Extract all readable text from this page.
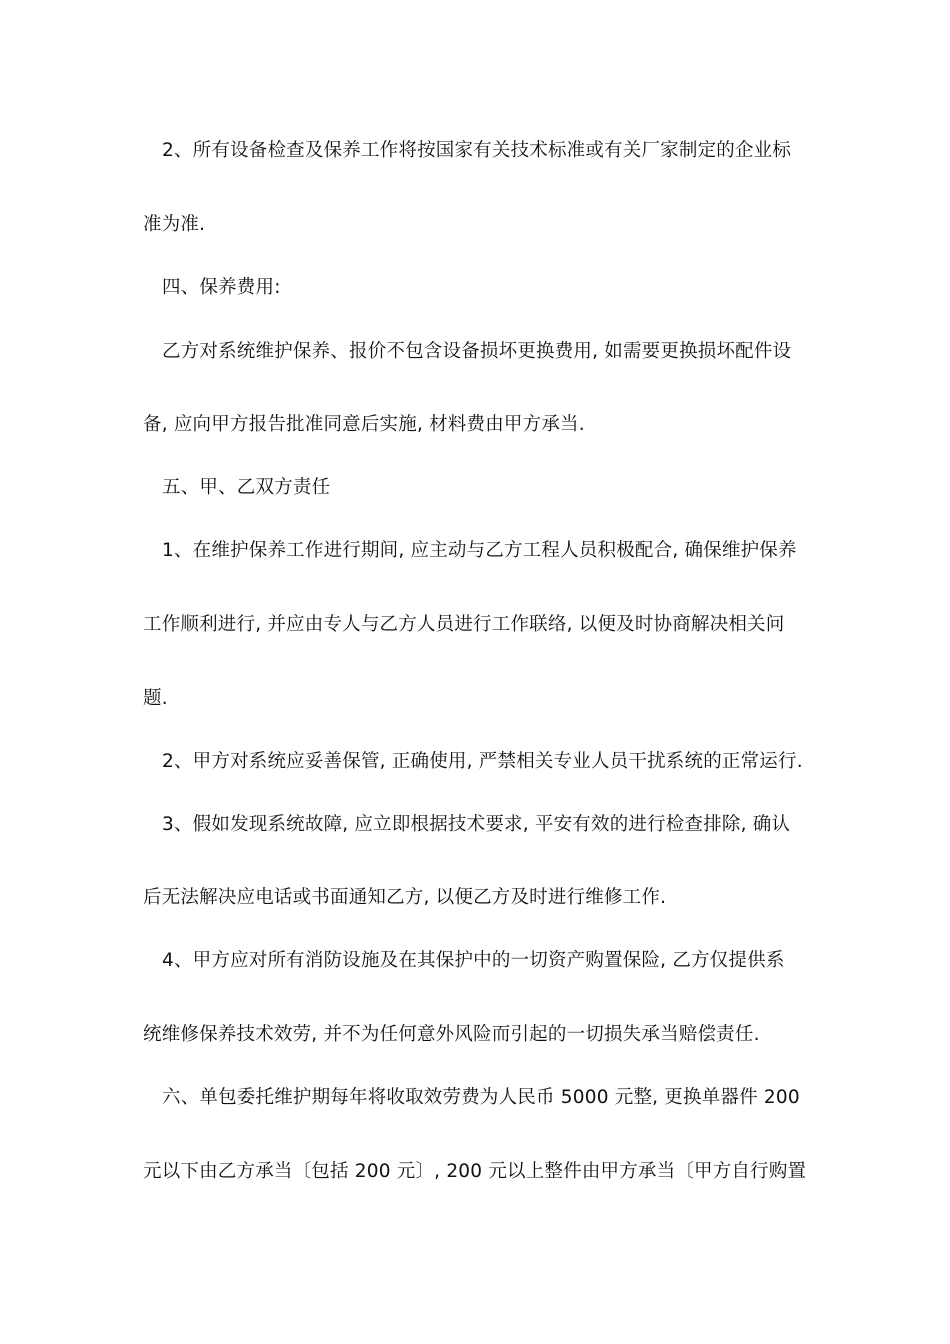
2、所有设备检查及保养工作将按国家有关技术标准或有关厂家制定的企业标
准为准.
四、保养费用:
乙方对系统维护保养、报价不包含设备损坏更换费用, 如需要更换损坏配件设
备, 应向甲方报告批准同意后实施, 材料费由甲方承当.
五、甲、乙双方责任
1、在维护保养工作进行期间, 应主动与乙方工程人员积极配合, 确保维护保养
工作顺利进行, 并应由专人与乙方人员进行工作联络, 以便及时协商解决相关问
题.
2、甲方对系统应妥善保管, 正确使用, 严禁相关专业人员干扰系统的正常运行.
3、假如发现系统故障, 应立即根据技术要求, 平安有效的进行检查排除, 确认
后无法解决应电话或书面通知乙方, 以便乙方及时进行维修工作.
4、甲方应对所有消防设施及在其保护中的一切资产购置保险, 乙方仅提供系
统维修保养技术效劳, 并不为任何意外风险而引起的一切损失承当赔偿责任.
六、单包委托维护期每年将收取效劳费为人民币 5000 元整, 更换单器件 200
元以下由乙方承当〔包括 200 元〕, 200 元以上整件由甲方承当〔甲方自行购置
